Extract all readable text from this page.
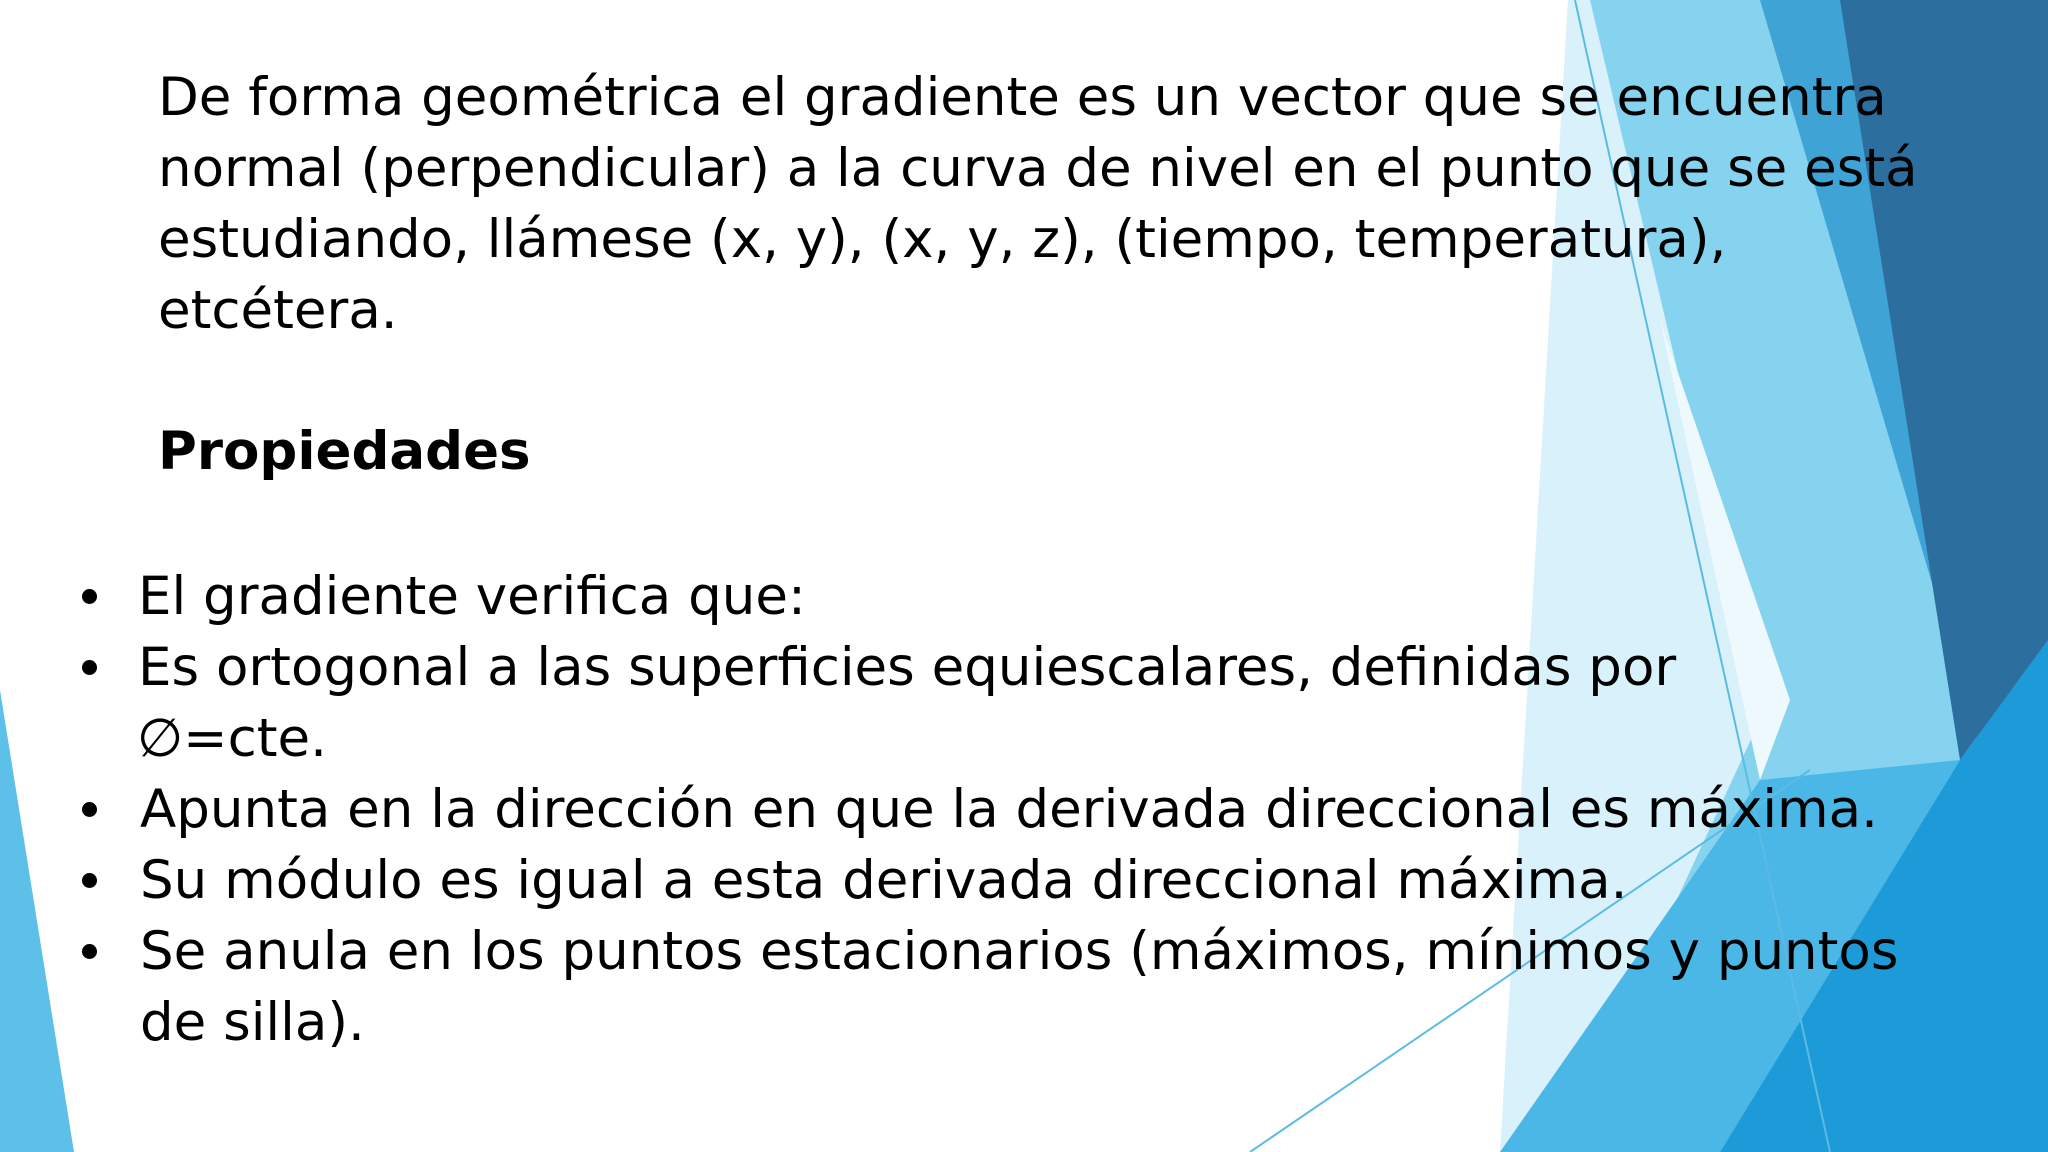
De forma geométrica el gradiente es un vector que se encuentra
normal (perpendicular) a la curva de nivel en el punto que se está
estudiando, llámese (x, y), (x, y, z), (tiempo, temperatura),
etcétera.

Propiedades
El gradiente verifica que:
Es ortogonal a las superficies equiescalares, definidas por
∅=cte.
Apunta en la dirección en que la derivada direccional es máxima.
Su módulo es igual a esta derivada direccional máxima.
Se anula en los puntos estacionarios (máximos, mínimos y puntos
de silla).
